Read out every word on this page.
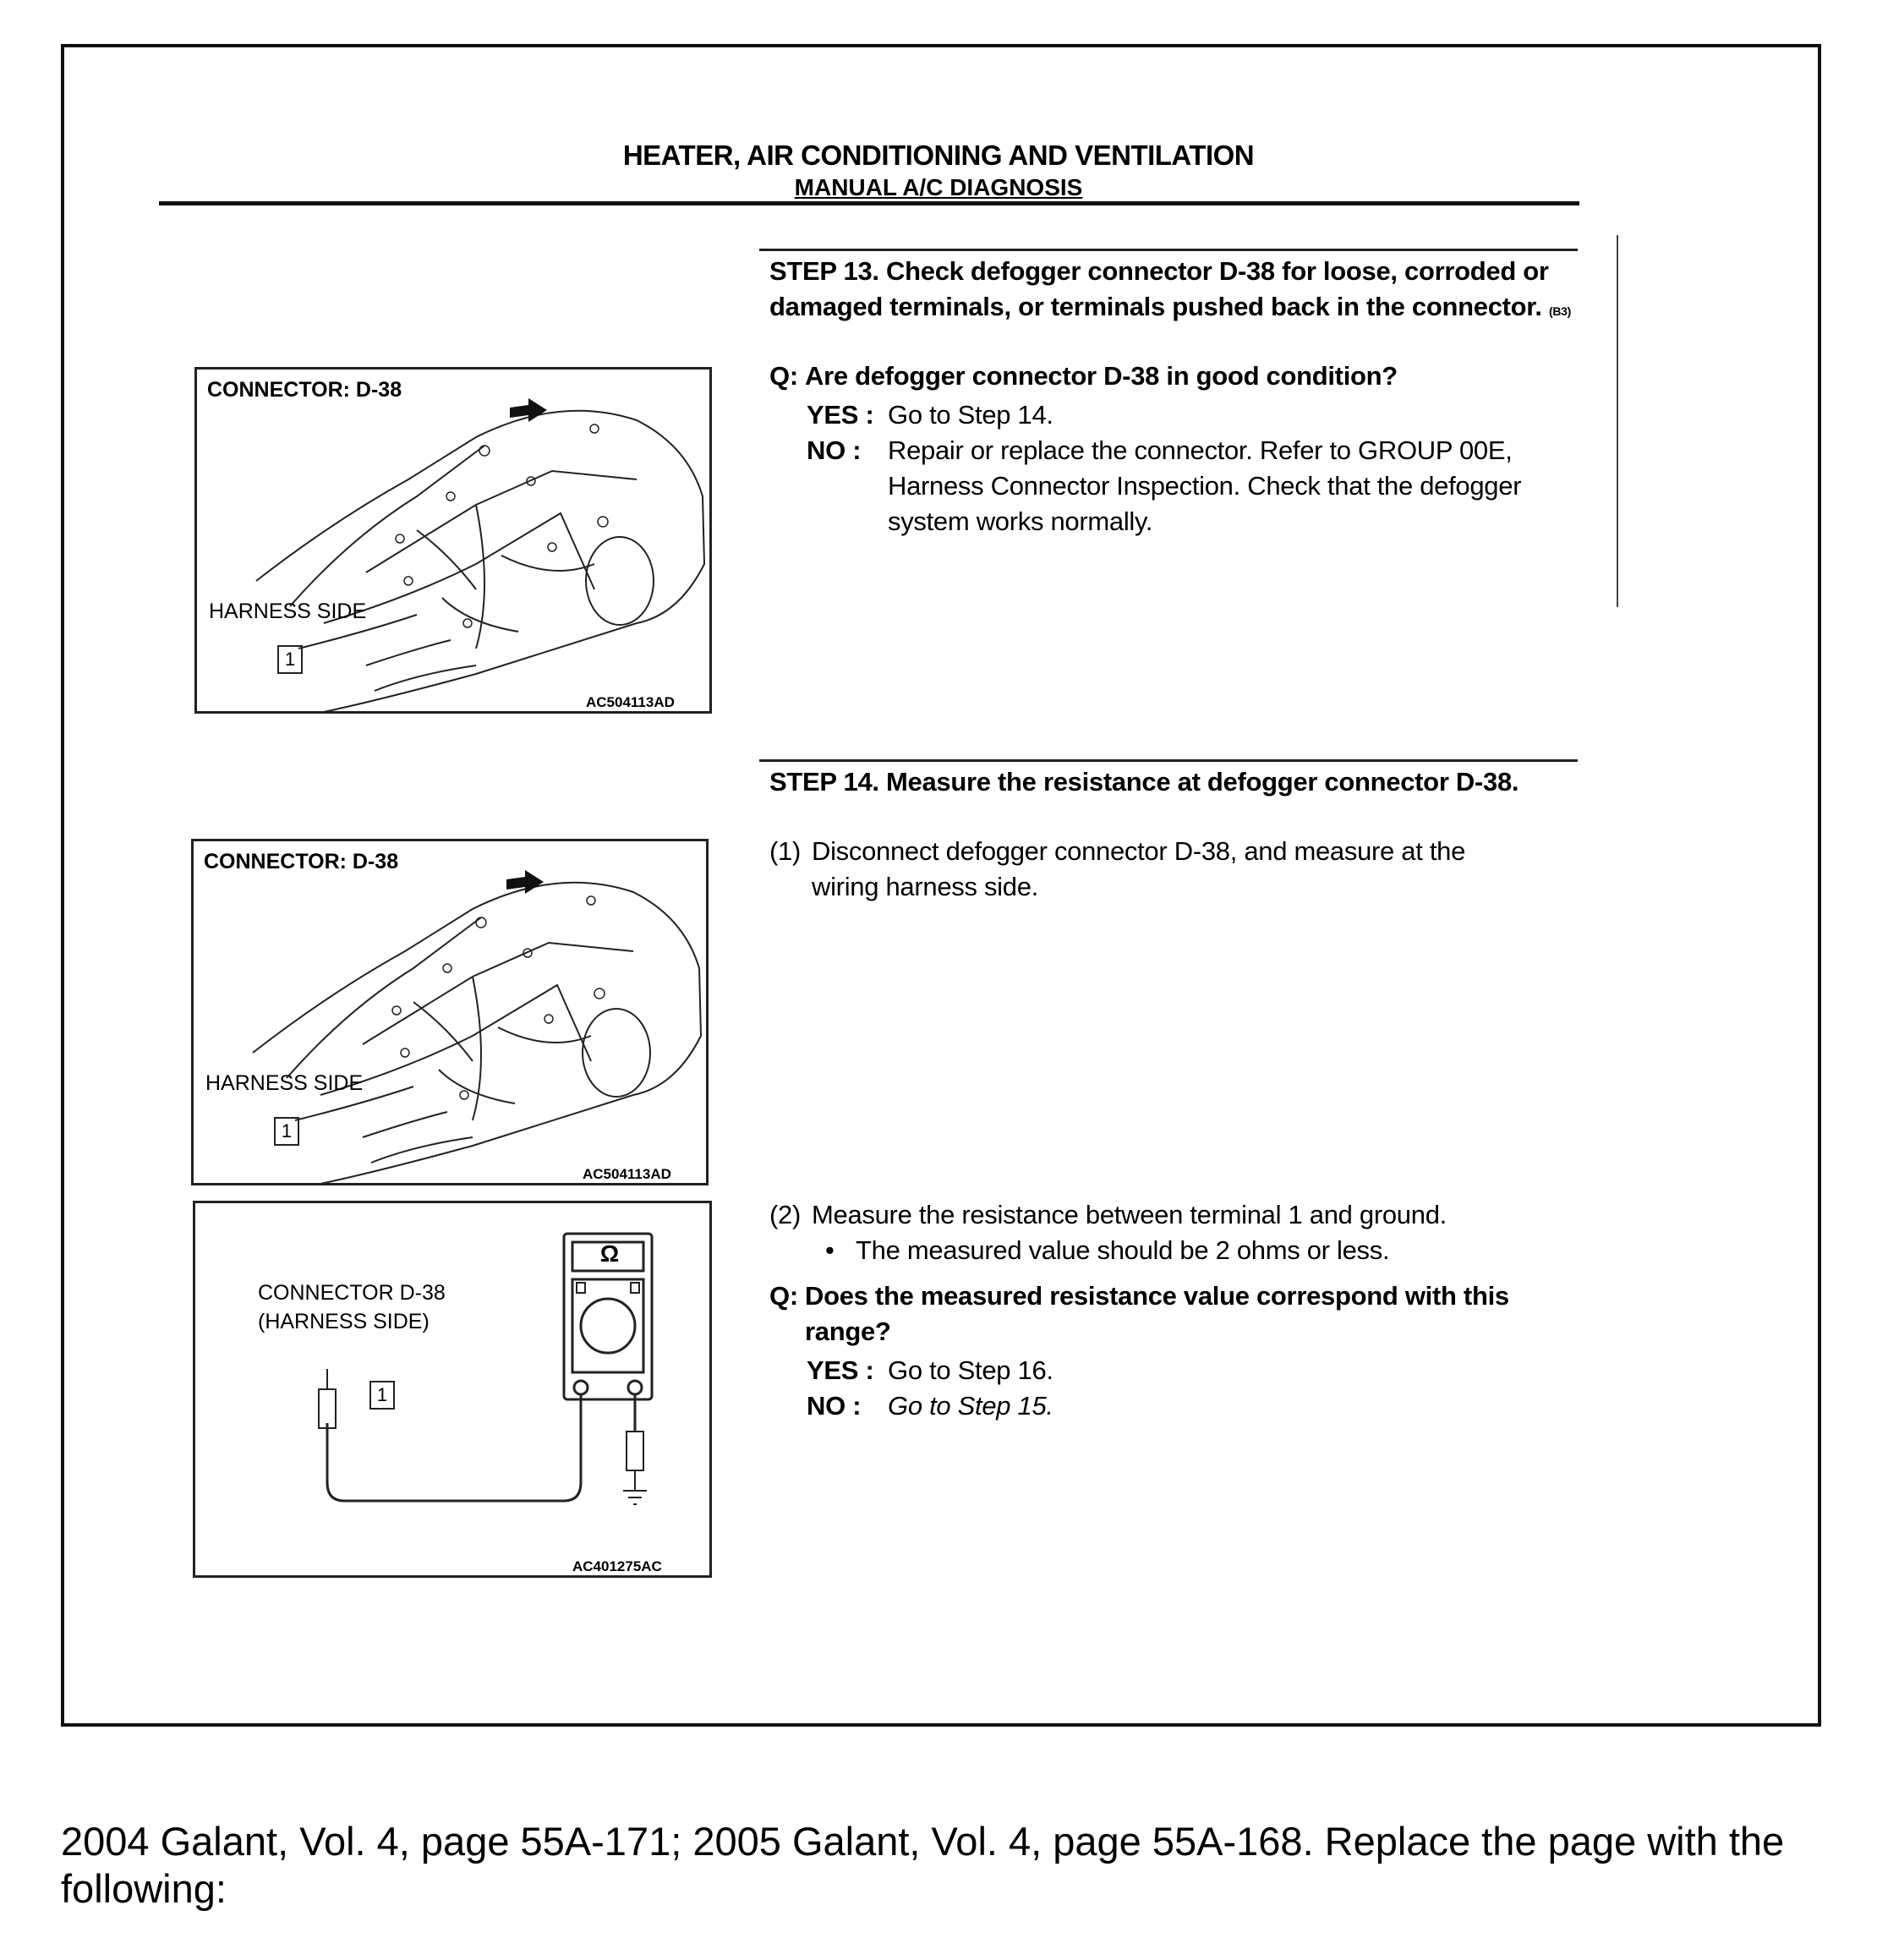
HEATER, AIR CONDITIONING AND VENTILATION
MANUAL A/C DIAGNOSIS
STEP 13. Check defogger connector D-38 for loose, corroded or damaged terminals, or terminals pushed back in the connector. (B3)
Q: Are defogger connector D-38 in good condition?
YES : Go to Step 14.
NO : Repair or replace the connector. Refer to GROUP 00E, Harness Connector Inspection. Check that the defogger system works normally.
STEP 14. Measure the resistance at defogger connector D-38.
(1) Disconnect defogger connector D-38, and measure at the wiring harness side.
(2) Measure the resistance between terminal 1 and ground.
• The measured value should be 2 ohms or less.
Q: Does the measured resistance value correspond with this range?
YES : Go to Step 16.
NO : Go to Step 15.
CONNECTOR: D-38
HARNESS SIDE
1
AC504113AD
CONNECTOR: D-38
HARNESS SIDE
1
AC504113AD
Ω
CONNECTOR D-38
(HARNESS SIDE)
1
AC401275AC
2004 Galant, Vol. 4, page 55A-171; 2005 Galant, Vol. 4, page 55A-168. Replace the page with the following:
